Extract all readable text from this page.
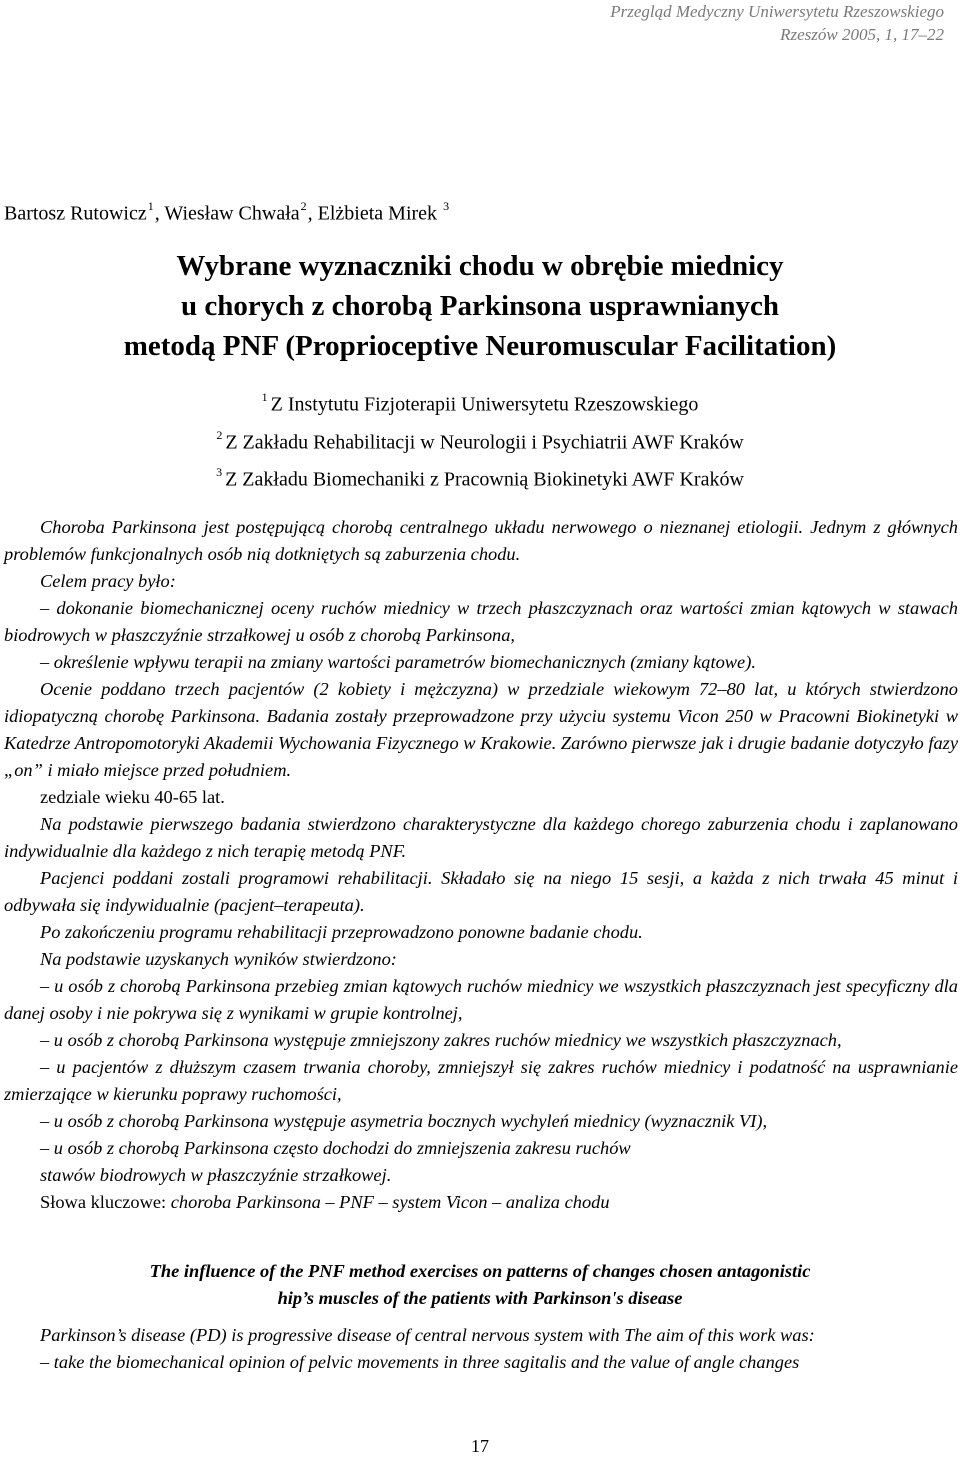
Przegląd Medyczny Uniwersytetu Rzeszowskiego
Rzeszów 2005, 1, 17–22
Bartosz Rutowicz$^1$, Wiesław Chwała$^2$, Elżbieta Mirek $^3$
Wybrane wyznaczniki chodu w obrębie miednicy
u chorych z chorobą Parkinsona usprawnianych
metodą PNF (Proprioceptive Neuromuscular Facilitation)
$^1$ Z Instytutu Fizjoterapii Uniwersytetu Rzeszowskiego
$^2$ Z Zakładu Rehabilitacji w Neurologii i Psychiatrii AWF Kraków
$^3$ Z Zakładu Biomechaniki z Pracownią Biokinetyki AWF Kraków

Choroba Parkinsona jest postępującą chorobą centralnego układu nerwowego o nieznanej etiologii. Jednym z głównych problemów funkcjonalnych osób nią dotkniętych są zaburzenia chodu.

Celem pracy było:

– dokonanie biomechanicznej oceny ruchów miednicy w trzech płaszczyznach oraz wartości zmian kątowych w stawach biodrowych w płaszczyźnie strzałkowej u osób z chorobą Parkinsona,

– określenie wpływu terapii na zmiany wartości parametrów biomechanicznych (zmiany kątowe).

Ocenie poddano trzech pacjentów (2 kobiety i mężczyzna) w przedziale wiekowym 72–80 lat, u których stwierdzono idiopatyczną chorobę Parkinsona. Badania zostały przeprowadzone przy użyciu systemu Vicon 250 w Pracowni Biokinetyki w Katedrze Antropomotoryki Akademii Wychowania Fizycznego w Krakowie. Zarówno pierwsze jak i drugie badanie dotyczyło fazy „on” i miało miejsce przed południem.

zedziale wieku 40-65 lat.

Na podstawie pierwszego badania stwierdzono charakterystyczne dla każdego chorego zaburzenia chodu i zaplanowano indywidualnie dla każdego z nich terapię metodą PNF.

Pacjenci poddani zostali programowi rehabilitacji. Składało się na niego 15 sesji, a każda z nich trwała 45 minut i odbywała się indywidualnie (pacjent–terapeuta).

Po zakończeniu programu rehabilitacji przeprowadzono ponowne badanie chodu.

Na podstawie uzyskanych wyników stwierdzono:

– u osób z chorobą Parkinsona przebieg zmian kątowych ruchów miednicy we wszystkich płaszczyznach jest specyficzny dla danej osoby i nie pokrywa się z wynikami w grupie kontrolnej,

– u osób z chorobą Parkinsona występuje zmniejszony zakres ruchów miednicy we wszystkich płaszczyznach,

– u pacjentów z dłuższym czasem trwania choroby, zmniejszył się zakres ruchów miednicy i podatność na usprawnianie zmierzające w kierunku poprawy ruchomości,

– u osób z chorobą Parkinsona występuje asymetria bocznych wychyleń miednicy (wyznacznik VI),

– u osób z chorobą Parkinsona często dochodzi do zmniejszenia zakresu ruchów

stawów biodrowych w płaszczyźnie strzałkowej.

Słowa kluczowe: choroba Parkinsona – PNF – system Vicon – analiza chodu

The influence of the PNF method exercises on patterns of changes chosen antagonistic
hip’s muscles of the patients with Parkinson's disease

Parkinson’s disease (PD) is progressive disease of central nervous system with The aim of this work was:

– take the biomechanical opinion of pelvic movements in three sagitalis and the value of angle changes

17
